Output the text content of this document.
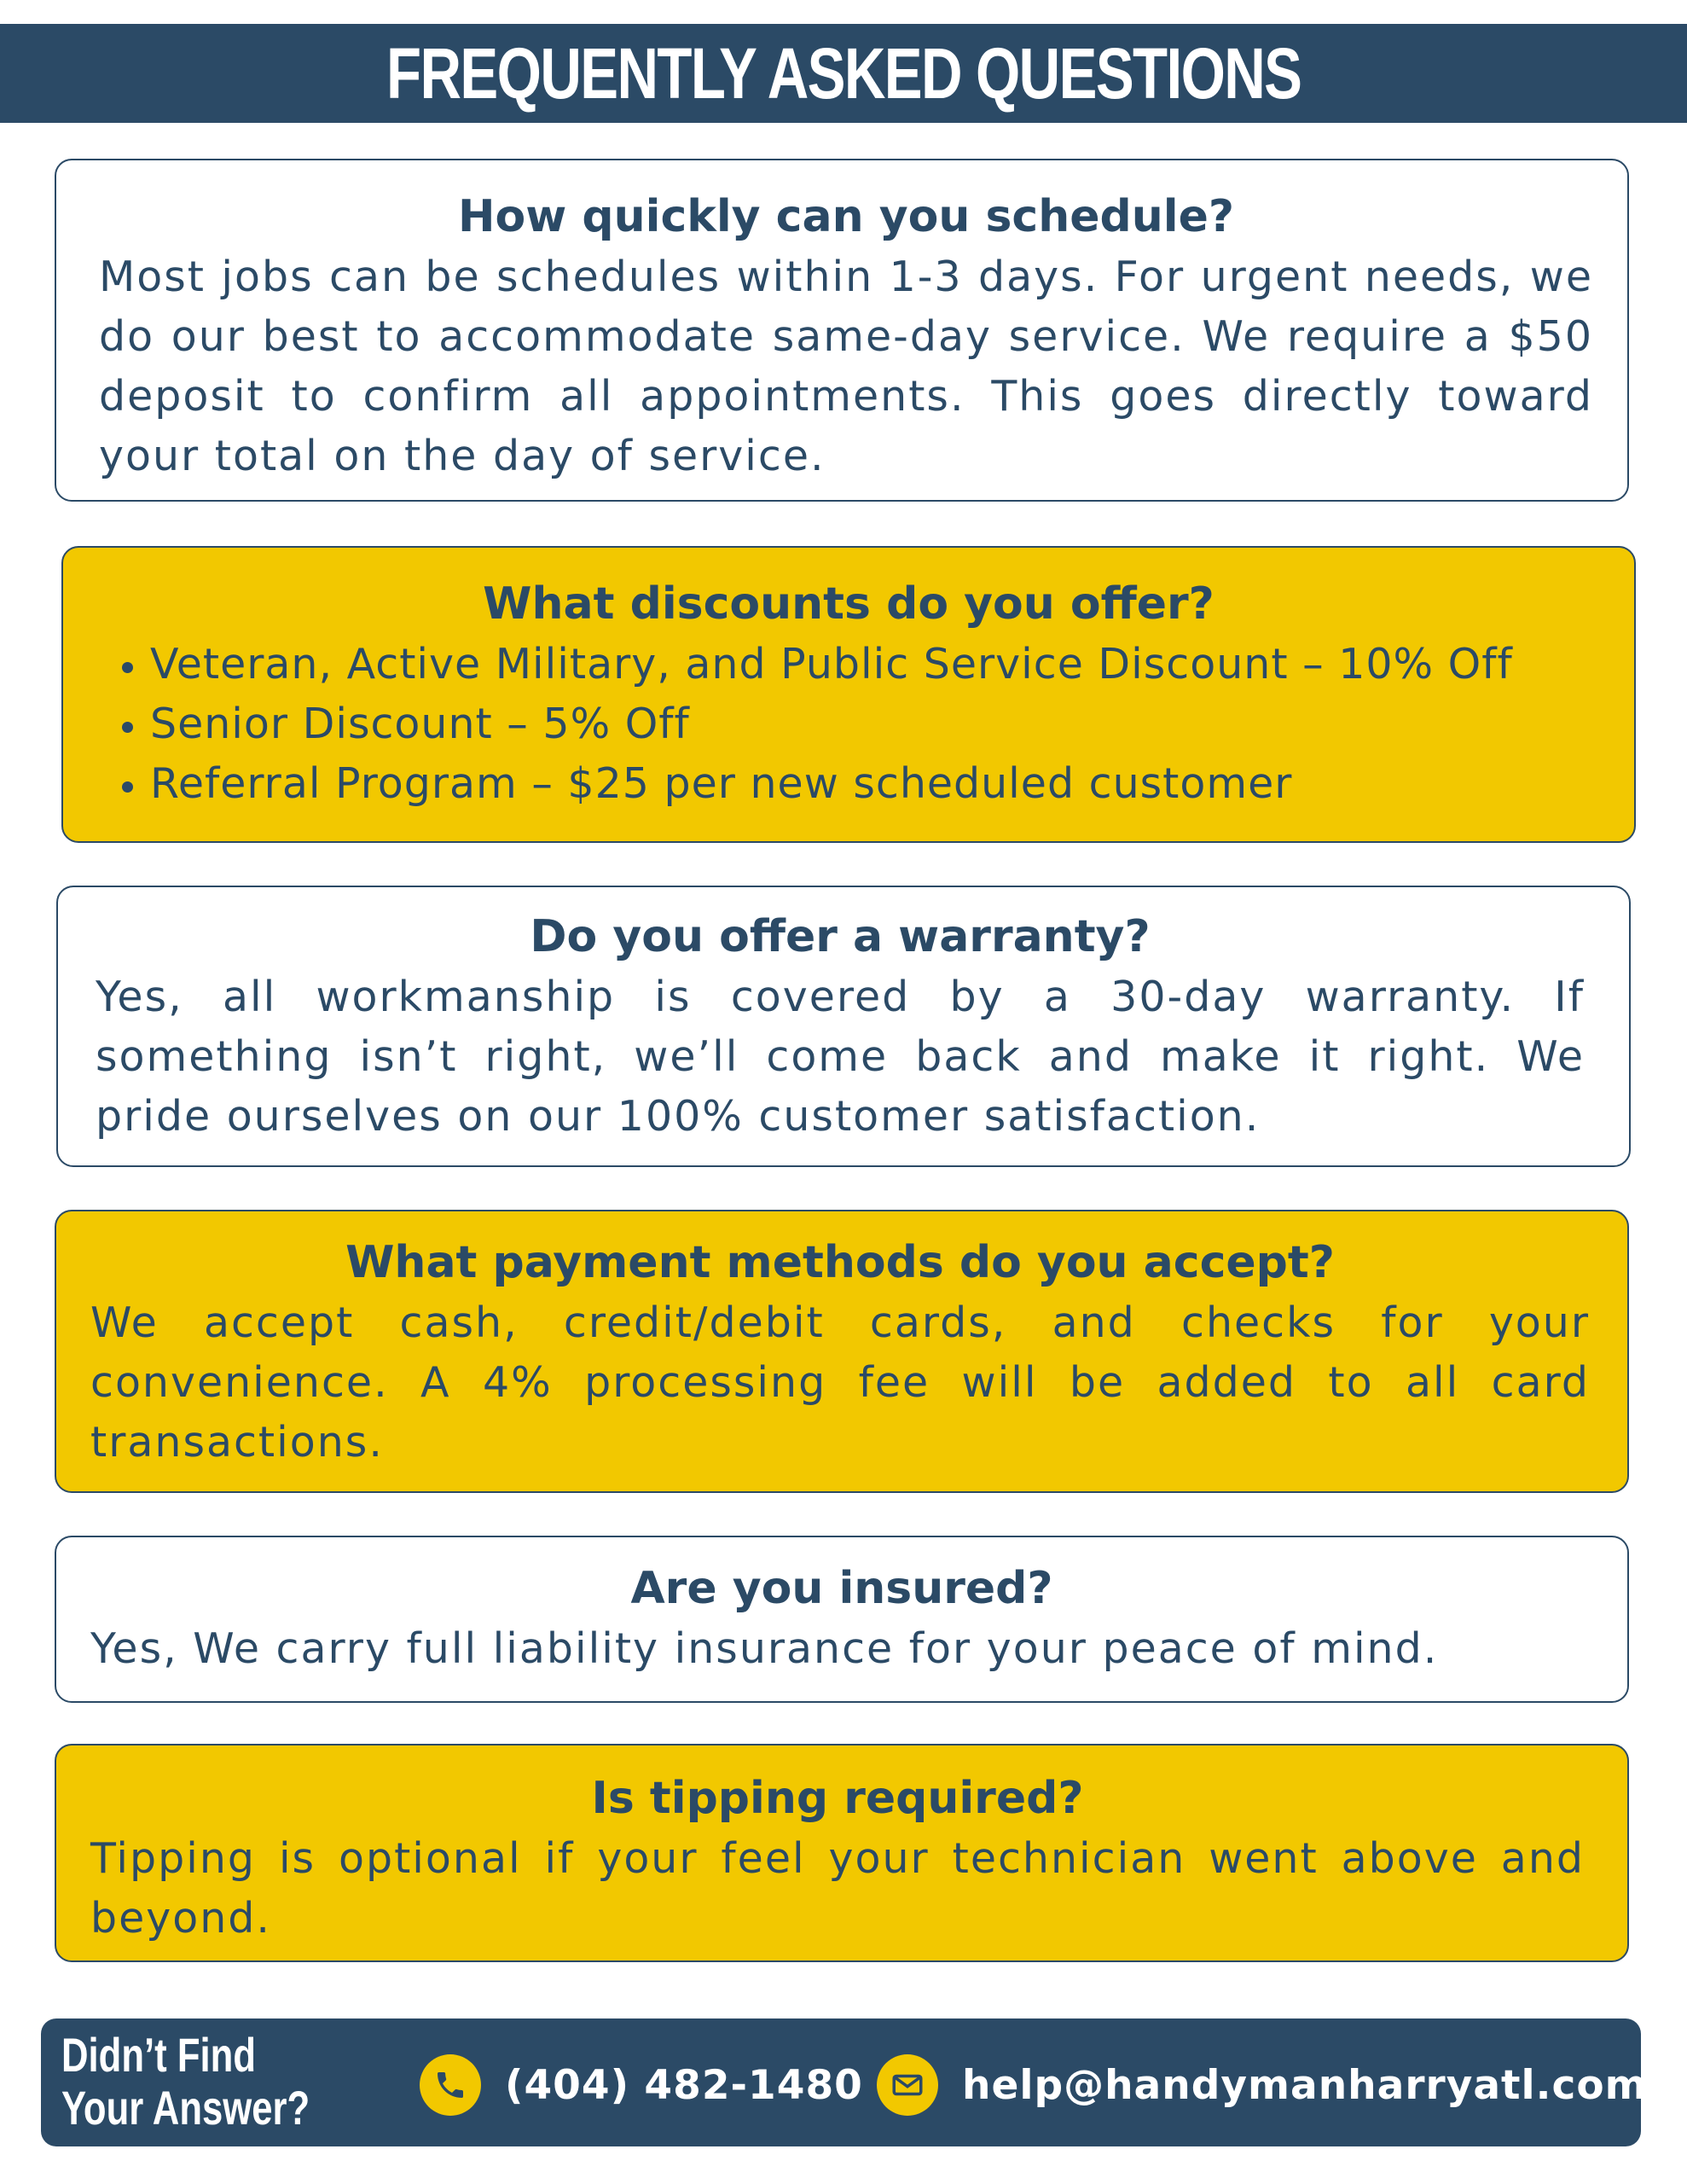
FREQUENTLY ASKED QUESTIONS
How quickly can you schedule?

Most jobs can be schedules within 1-3 days. For urgent needs, we do our best to accommodate same-day service. We require a $50 deposit to confirm all appointments. This goes directly toward your total on the day of service.

What discounts do you offer?
• Veteran, Active Military, and Public Service Discount – 10% Off
• Senior Discount – 5% Off
• Referral Program – $25 per new scheduled customer
Do you offer a warranty?

Yes, all workmanship is covered by a 30-day warranty. If something isn’t right, we’ll come back and make it right. We pride ourselves on our 100% customer satisfaction.

What payment methods do you accept?

We accept cash, credit/debit cards, and checks for your convenience. A 4% processing fee will be added to all card transactions.

Are you insured?

Yes, We carry full liability insurance for your peace of mind.

Is tipping required?

Tipping is optional if your feel your technician went above and beyond.

Didn’t Find
Your Answer?	(404) 482-1480 help@handymanharryatl.com
